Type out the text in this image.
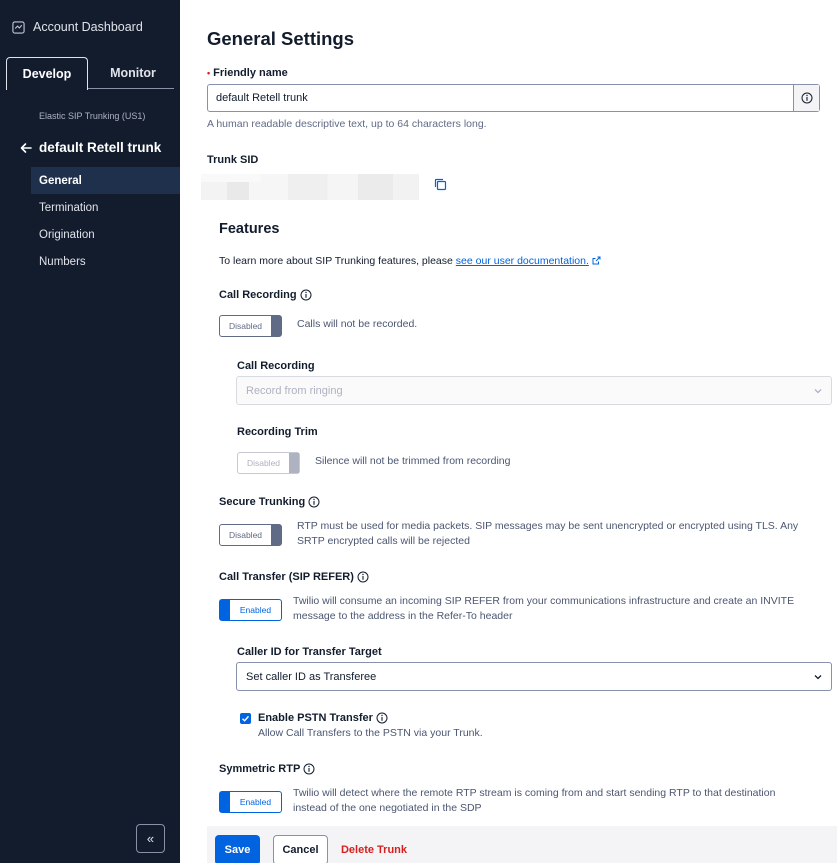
Account Dashboard
Develop	Monitor
Elastic SIP Trunking (US1)
default Retell trunk
General
Termination
Origination
Numbers
«
General Settings
• Friendly name
default Retell trunk
A human readable descriptive text, up to 64 characters long.
Trunk SID
Features
To learn more about SIP Trunking features, please see our user documentation.
Call Recording
Disabled	Calls will not be recorded.
Call Recording
Record from ringing
Recording Trim
Disabled	Silence will not be trimmed from recording
Secure Trunking
Disabled
RTP must be used for media packets. SIP messages may be sent unencrypted or encrypted using TLS. Any
SRTP encrypted calls will be rejected
Call Transfer (SIP REFER)
Enabled
Twilio will consume an incoming SIP REFER from your communications infrastructure and create an INVITE
message to the address in the Refer-To header
Caller ID for Transfer Target
Set caller ID as Transferee
Enable PSTN Transfer
Allow Call Transfers to the PSTN via your Trunk.
Symmetric RTP
Enabled
Twilio will detect where the remote RTP stream is coming from and start sending RTP to that destination
instead of the one negotiated in the SDP
Save	Cancel	Delete Trunk
